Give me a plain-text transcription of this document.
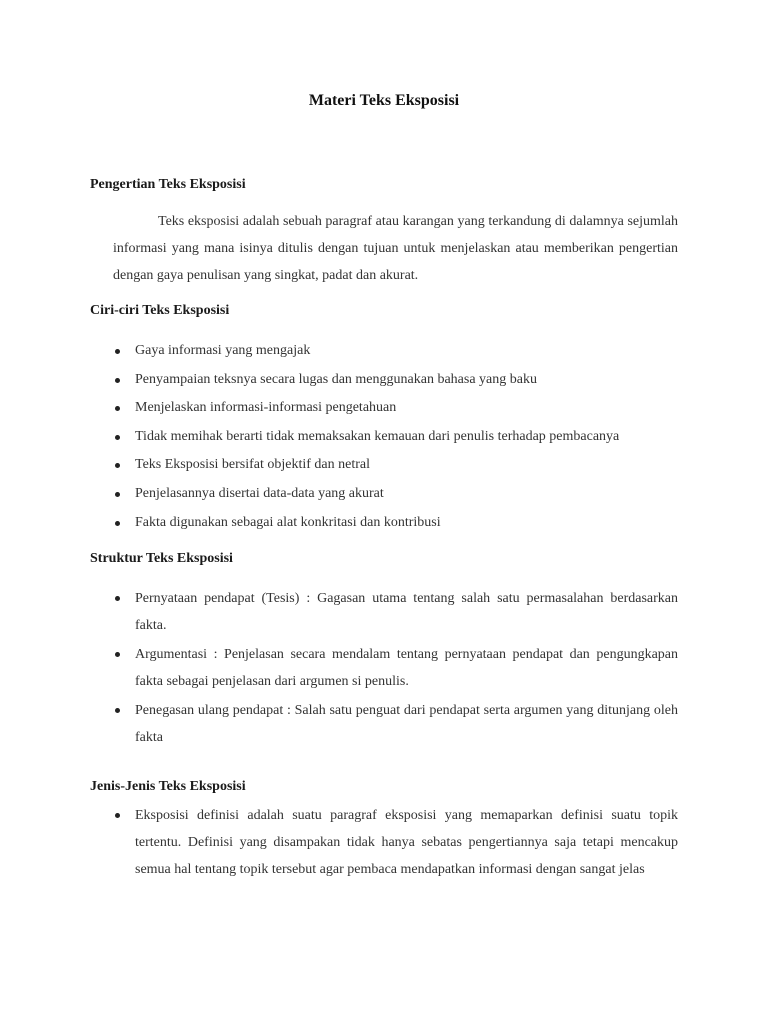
Materi Teks Eksposisi
Pengertian Teks Eksposisi

Teks eksposisi adalah sebuah paragraf atau karangan yang terkandung di dalamnya sejumlah informasi yang mana isinya ditulis dengan tujuan untuk menjelaskan atau memberikan pengertian dengan gaya penulisan yang singkat, padat dan akurat.

Ciri-ciri Teks Eksposisi
Gaya informasi yang mengajak
Penyampaian teksnya secara lugas dan menggunakan bahasa yang baku
Menjelaskan informasi-informasi pengetahuan
Tidak memihak berarti tidak memaksakan kemauan dari penulis terhadap pembacanya
Teks Eksposisi bersifat objektif dan netral
Penjelasannya disertai data-data yang akurat
Fakta digunakan sebagai alat konkritasi dan kontribusi
Struktur Teks Eksposisi
Pernyataan pendapat (Tesis) : Gagasan utama tentang salah satu permasalahan berdasarkan fakta.
Argumentasi : Penjelasan secara mendalam tentang pernyataan pendapat dan pengungkapan fakta sebagai penjelasan dari argumen si penulis.
Penegasan ulang pendapat : Salah satu penguat dari pendapat serta argumen yang ditunjang oleh fakta
Jenis-Jenis Teks Eksposisi
Eksposisi definisi adalah suatu paragraf eksposisi yang memaparkan definisi suatu topik tertentu. Definisi yang disampakan tidak hanya sebatas pengertiannya saja tetapi mencakup semua hal tentang topik tersebut agar pembaca mendapatkan informasi dengan sangat jelas
